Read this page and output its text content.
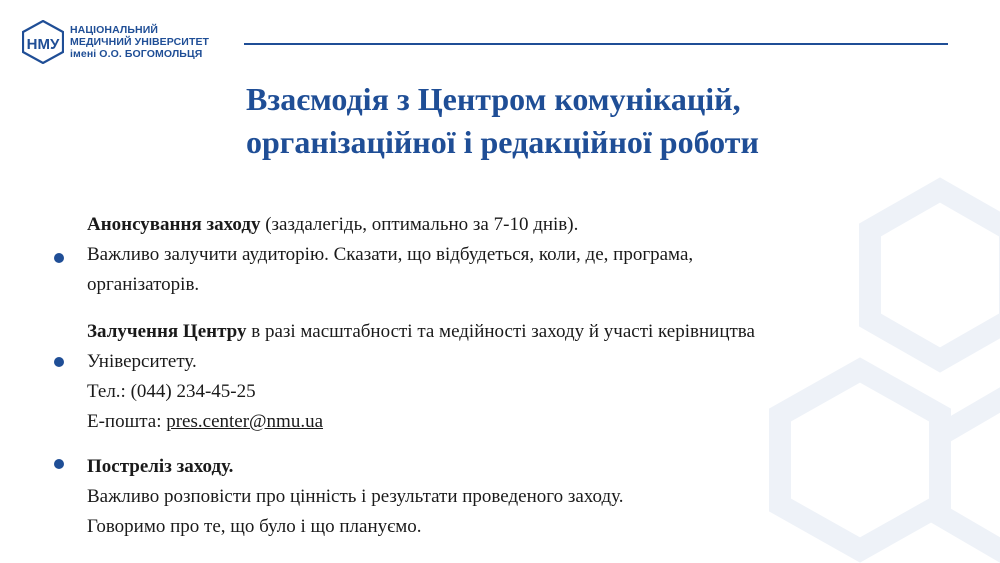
НМУ
НАЦІОНАЛЬНИЙ
МЕДИЧНИЙ УНІВЕРСИТЕТ
імені О.О. БОГОМОЛЬЦЯ
Взаємодія з Центром комунікацій,
організаційної і редакційної роботи
Анонсування заходу (заздалегідь, оптимально за 7-10 днів).
Важливо залучити аудиторію. Сказати, що відбудеться, коли, де, програма,
організаторів.
Залучення Центру в разі масштабності та медійності заходу й участі керівництва
Університету.
Тел.: (044) 234-45-25
Е-пошта: pres.center@nmu.ua
Постреліз заходу.
Важливо розповісти про цінність і результати проведеного заходу.
Говоримо про те, що було і що плануємо.
